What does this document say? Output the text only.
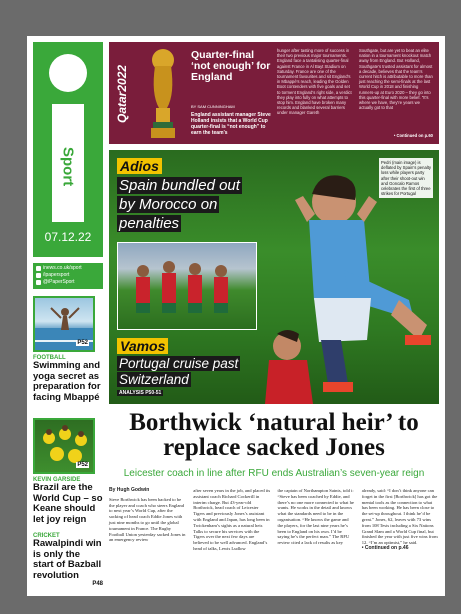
Sport
07.12.22
inews.co.uk/sport
/ipapersport
@iPaperSport
P52
FOOTBALL
Swimming and yoga secret as preparation for facing Mbappé
P52
KEVIN GARSIDE
Brazil are the World Cup – so Keane should let joy reign
CRICKET
Rawalpindi win is only the start of Bazball revolution
P48
Qatar2022
Quarter-final ‘not enough’ for England
BY SAM CUNNINGHAM
England assistant manager Steve Holland insists that a World Cup quarter-final is “not enough” to earn the team’s
hunger after tasting more of success in their two previous major tournaments. England face a tantalising quarter-final against France in Al Bayt Stadium on Saturday. France are one of the tournament favourites and sit England’s in Mbappé’s reach, leading the Golden Boot contenders with five goals and set to torment England’s right side, a verdict they play into fully on what attempts to stop him. England have broken many records and blanked several barriers under manager Gareth
Southgate, but are yet to beat an elite nation in a tournament knockout match away from England. But Holland, Southgate’s trusted assistant for almost a decade, believes that the team’s current hitch is attributable to more than just reaching the semi-finals at the last World Cup in 2018 and finishing runners-up at Euro 2020 – they go into this quarter-final with more belief. “It’s where we have, they’re years we actually got to that
• Continued on p.60
Adios
Spain bundled out by Morocco on penalties
Vamos
Portugal cruise past Switzerland
ANALYSIS P50-51
Pedri (main image) is deflated by Spain’s penalty loss while players party after their shoot-out win and Goncalo Ramos celebrates the first of three strikes for Portugal
Borthwick ‘natural heir’ to replace sacked Jones
Leicester coach in line after RFU ends Australian’s seven-year reign
By Hugh Godwin
Steve Borthwick has been backed to be the player and coach who steers England to next year’s World Cup, after the sacking of head coach Eddie Jones with just nine months to go until the global tournament in France. The Rugby Football Union yesterday sacked Jones in an emergency review
after seven years in the job, and placed its assistant coach Richard Cockerill in interim charge. But 43-year-old Borthwick, head coach of Leicester Tigers and previously Jones’s assistant with England and Japan, has long been in Twickenham’s sights as a natural heir. Talks to secure his services with the Tigers over the next few days are believed to be well advanced. England’s head of talks, Lewis Ludlow
the captain of Northampton Saints, told i: “Steve has been coached by Eddie, and there’s no one more connected to what he wants. He works in the detail and knows what the standards need to be in the organisation. “He knows the game and the players, for the last nine years he’s been to England on his own. I’d be saying he’s the perfect man.” The RFU review cited a lack of results as key
already, said: “I don’t think anyone can forget in the first [Borthwick] has got the mental tools as the connection to what has been working. He has been close to the set-up throughout. I think he’d be great.” Jones, 62, leaves with 73 wins from 108 Tests including a Six Nations Grand Slam and a World Cup final, but finished the year with just five wins from 12. “I’m an optimist,” he said.
• Continued on p.46
